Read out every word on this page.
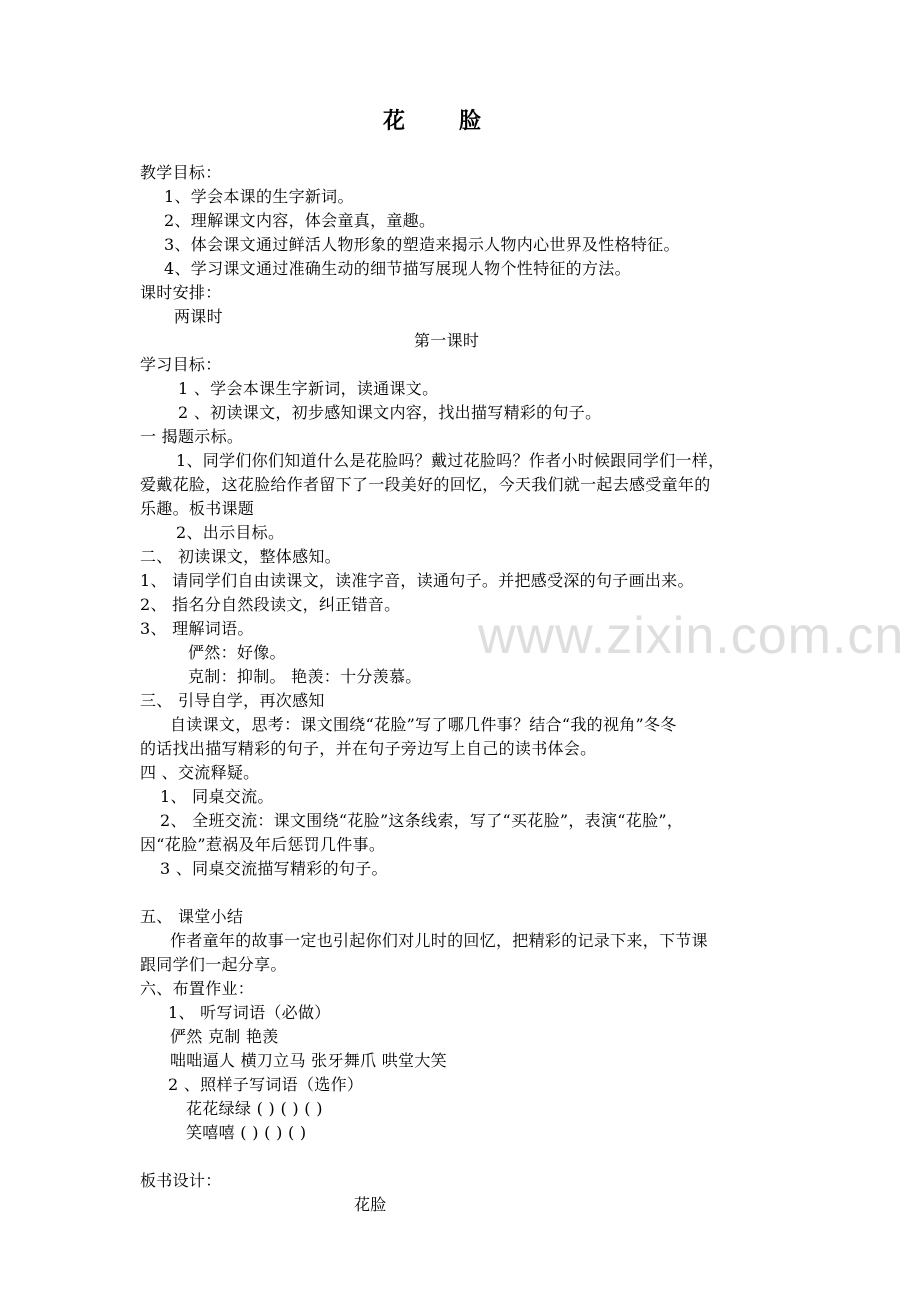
花 脸
www.zixin.com.cn
教学目标：
1、学会本课的生字新词。
2、理解课文内容，体会童真，童趣。
3、体会课文通过鲜活人物形象的塑造来揭示人物内心世界及性格特征。
4、学习课文通过准确生动的细节描写展现人物个性特征的方法。
课时安排：
两课时
第一课时
学习目标：
1 、学会本课生字新词，读通课文。
2 、初读课文，初步感知课文内容，找出描写精彩的句子。
一 揭题示标。
1、同学们你们知道什么是花脸吗？戴过花脸吗？作者小时候跟同学们一样，
爱戴花脸，这花脸给作者留下了一段美好的回忆，今天我们就一起去感受童年的
乐趣。板书课题
2、出示目标。
二、 初读课文，整体感知。
1、 请同学们自由读课文，读准字音，读通句子。并把感受深的句子画出来。
2、 指名分自然段读文，纠正错音。
3、 理解词语。
俨然：好像。
克制：抑制。 艳羡：十分羡慕。
三、 引导自学，再次感知
自读课文，思考：课文围绕“花脸”写了哪几件事？结合“我的视角”冬冬
的话找出描写精彩的句子，并在句子旁边写上自己的读书体会。
四 、交流释疑。
1、 同桌交流。
2、 全班交流：课文围绕“花脸”这条线索，写了“买花脸”，表演“花脸”，
因“花脸”惹祸及年后惩罚几件事。
3 、同桌交流描写精彩的句子。
五、 课堂小结
作者童年的故事一定也引起你们对儿时的回忆，把精彩的记录下来，下节课
跟同学们一起分享。
六、布置作业：
1、 听写词语（必做）
俨然 克制 艳羡
咄咄逼人 横刀立马 张牙舞爪 哄堂大笑
2 、照样子写词语（选作）
花花绿绿 ( ) ( ) ( )
笑嘻嘻 ( ) ( ) ( )
板书设计：
花脸
